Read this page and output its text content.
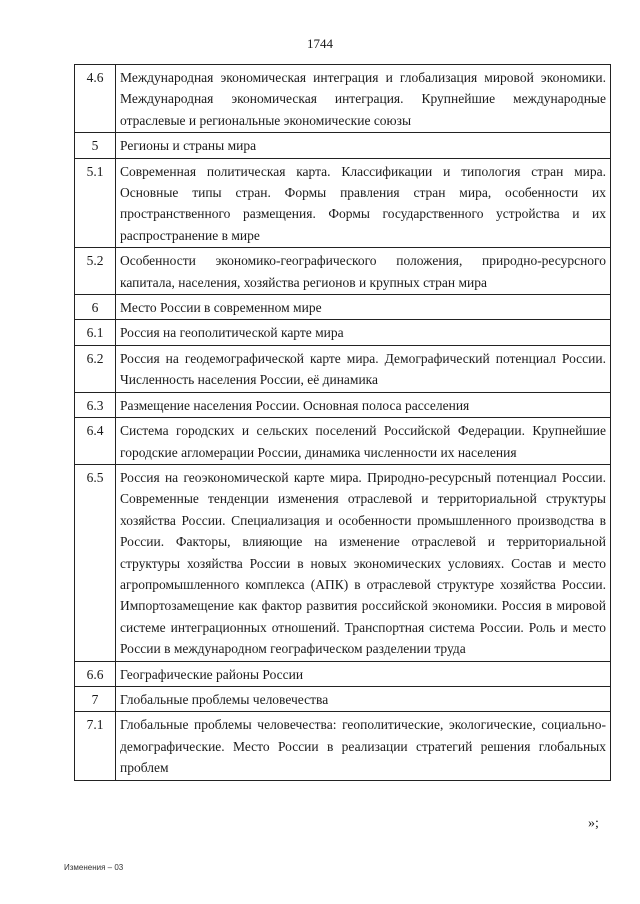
1744
4.6	Международная экономическая интеграция и глобализация мировой экономики. Международная экономическая интеграция. Крупнейшие международные отраслевые и региональные экономические союзы
5	Регионы и страны мира
5.1	Современная политическая карта. Классификации и типология стран мира. Основные типы стран. Формы правления стран мира, особенности их пространственного размещения. Формы государственного устройства и их распространение в мире
5.2	Особенности экономико-географического положения, природно-ресурсного капитала, населения, хозяйства регионов и крупных стран мира
6	Место России в современном мире
6.1	Россия на геополитической карте мира
6.2	Россия на геодемографической карте мира. Демографический потенциал России. Численность населения России, её динамика
6.3	Размещение населения России. Основная полоса расселения
6.4	Система городских и сельских поселений Российской Федерации. Крупнейшие городские агломерации России, динамика численности их населения
6.5	Россия на геоэкономической карте мира. Природно-ресурсный потенциал России. Современные тенденции изменения отраслевой и территориальной структуры хозяйства России. Специализация и особенности промышленного производства в России. Факторы, влияющие на изменение отраслевой и территориальной структуры хозяйства России в новых экономических условиях. Состав и место агропромышленного комплекса (АПК) в отраслевой структуре хозяйства России. Импортозамещение как фактор развития российской экономики. Россия в мировой системе интеграционных отношений. Транспортная система России. Роль и место России в международном географическом разделении труда
6.6	Географические районы России
7	Глобальные проблемы человечества
7.1	Глобальные проблемы человечества: геополитические, экологические, социально-демографические. Место России в реализации стратегий решения глобальных проблем
»;
Изменения – 03
